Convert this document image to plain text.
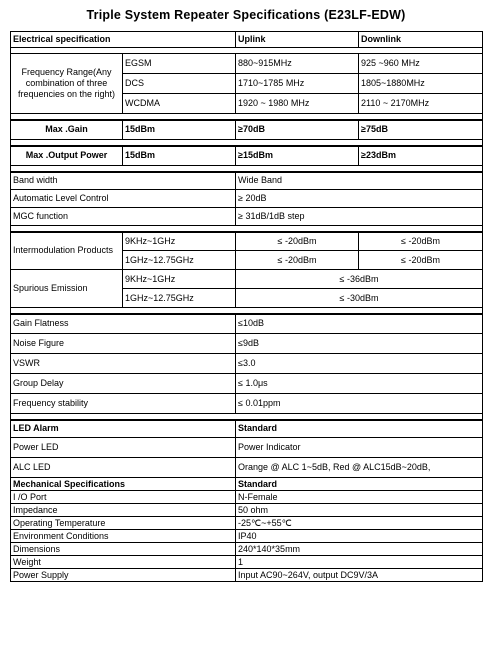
Triple System Repeater Specifications (E23LF-EDW)
Electrical specification		Uplink	Downlink

Frequency Range(Any combination of three frequencies on the right)	EGSM	880~915MHz	925 ~960 MHz
	DCS	1710~1785 MHz	1805~1880MHz
	WCDMA	1920 ~ 1980 MHz	2110 ~ 2170MHz

Max .Gain	15dBm	≥70dB	≥75dB

Max .Output Power	15dBm	≥15dBm	≥23dBm

Band width		Wide Band	
Automatic Level Control		≥ 20dB	
MGC function		≥ 31dB/1dB step	

Intermodulation Products	9KHz~1GHz	≤ -20dBm	≤ -20dBm
	1GHz~12.75GHz	≤ -20dBm	≤ -20dBm
Spurious Emission	9KHz~1GHz	≤ -36dBm	
	1GHz~12.75GHz	≤ -30dBm	

Gain Flatness		≤10dB	
Noise Figure		≤9dB	
VSWR		≤3.0	
Group Delay		≤ 1.0μs	
Frequency stability		≤ 0.01ppm	

LED Alarm		Standard	
Power LED		Power Indicator	
ALC LED		Orange @ ALC 1~5dB, Red @ ALC15dB~20dB,	
Mechanical Specifications		Standard	
I /O Port		N-Female	
Impedance		50 ohm	
Operating Temperature		-25℃~+55℃	
Environment Conditions		IP40	
Dimensions		240*140*35mm	
Weight		1	
Power Supply		Input AC90~264V, output DC9V/3A	
